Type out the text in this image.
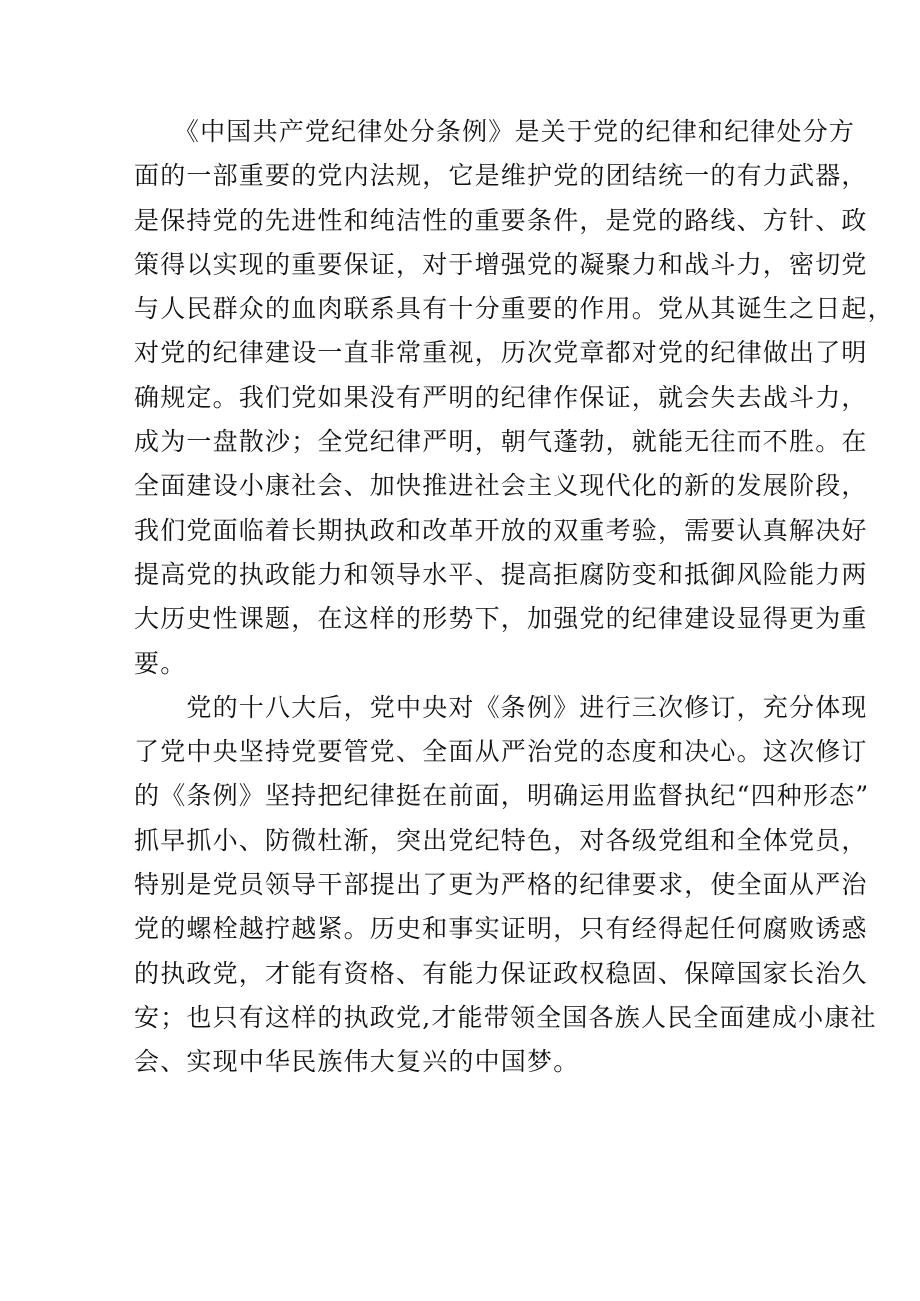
　　《中国共产党纪律处分条例》是关于党的纪律和纪律处分方
面的一部重要的党内法规，它是维护党的团结统一的有力武器，
是保持党的先进性和纯洁性的重要条件，是党的路线、方针、政
策得以实现的重要保证，对于增强党的凝聚力和战斗力，密切党
与人民群众的血肉联系具有十分重要的作用。党从其诞生之日起，
对党的纪律建设一直非常重视，历次党章都对党的纪律做出了明
确规定。我们党如果没有严明的纪律作保证，就会失去战斗力，
成为一盘散沙；全党纪律严明，朝气蓬勃，就能无往而不胜。在
全面建设小康社会、加快推进社会主义现代化的新的发展阶段，
我们党面临着长期执政和改革开放的双重考验，需要认真解决好
提高党的执政能力和领导水平、提高拒腐防变和抵御风险能力两
大历史性课题，在这样的形势下，加强党的纪律建设显得更为重
要。
　　党的十八大后，党中央对《条例》进行三次修订，充分体现
了党中央坚持党要管党、全面从严治党的态度和决心。这次修订
的《条例》坚持把纪律挺在前面，明确运用监督执纪“四种形态”
抓早抓小、防微杜渐，突出党纪特色，对各级党组和全体党员，
特别是党员领导干部提出了更为严格的纪律要求，使全面从严治
党的螺栓越拧越紧。历史和事实证明，只有经得起任何腐败诱惑
的执政党，才能有资格、有能力保证政权稳固、保障国家长治久
安；也只有这样的执政党,才能带领全国各族人民全面建成小康社
会、实现中华民族伟大复兴的中国梦。
